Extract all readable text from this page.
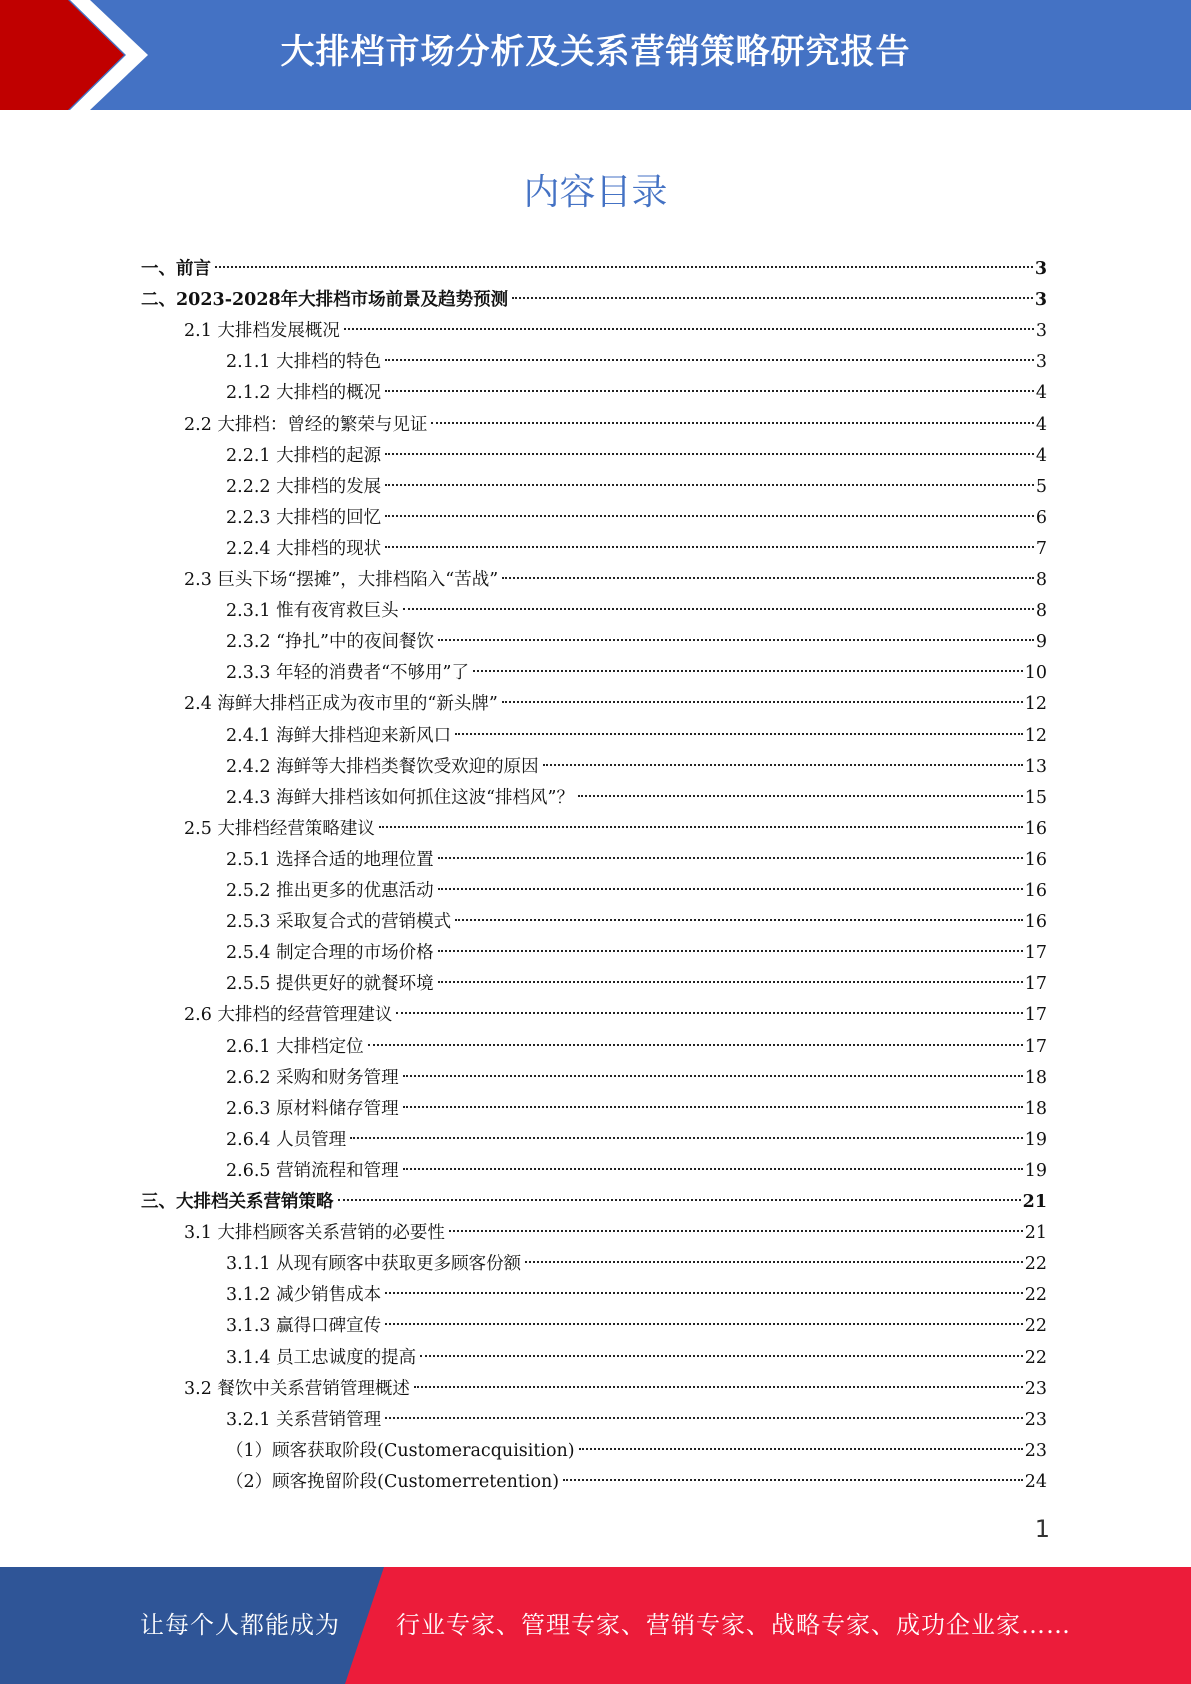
大排档市场分析及关系营销策略研究报告
内容目录
一、前言	3
二、2023-2028年大排档市场前景及趋势预测	3
2.1 大排档发展概况	3
2.1.1 大排档的特色	3
2.1.2 大排档的概况	4
2.2 大排档：曾经的繁荣与见证	4
2.2.1 大排档的起源	4
2.2.2 大排档的发展	5
2.2.3 大排档的回忆	6
2.2.4 大排档的现状	7
2.3 巨头下场“摆摊”，大排档陷入“苦战”	8
2.3.1 惟有夜宵救巨头	8
2.3.2 “挣扎”中的夜间餐饮	9
2.3.3 年轻的消费者“不够用”了	10
2.4 海鲜大排档正成为夜市里的“新头牌”	12
2.4.1 海鲜大排档迎来新风口	12
2.4.2 海鲜等大排档类餐饮受欢迎的原因	13
2.4.3 海鲜大排档该如何抓住这波“排档风”？	15
2.5 大排档经营策略建议	16
2.5.1 选择合适的地理位置	16
2.5.2 推出更多的优惠活动	16
2.5.3 采取复合式的营销模式	16
2.5.4 制定合理的市场价格	17
2.5.5 提供更好的就餐环境	17
2.6 大排档的经营管理建议	17
2.6.1 大排档定位	17
2.6.2 采购和财务管理	18
2.6.3 原材料储存管理	18
2.6.4 人员管理	19
2.6.5 营销流程和管理	19
三、大排档关系营销策略	21
3.1 大排档顾客关系营销的必要性	21
3.1.1 从现有顾客中获取更多顾客份额	22
3.1.2 减少销售成本	22
3.1.3 赢得口碑宣传	22
3.1.4 员工忠诚度的提高	22
3.2 餐饮中关系营销管理概述	23
3.2.1 关系营销管理	23
（1）顾客获取阶段(Customeracquisition)	23
（2）顾客挽留阶段(Customerretention)	24
1
让每个人都能成为 行业专家、管理专家、营销专家、战略专家、成功企业家……
